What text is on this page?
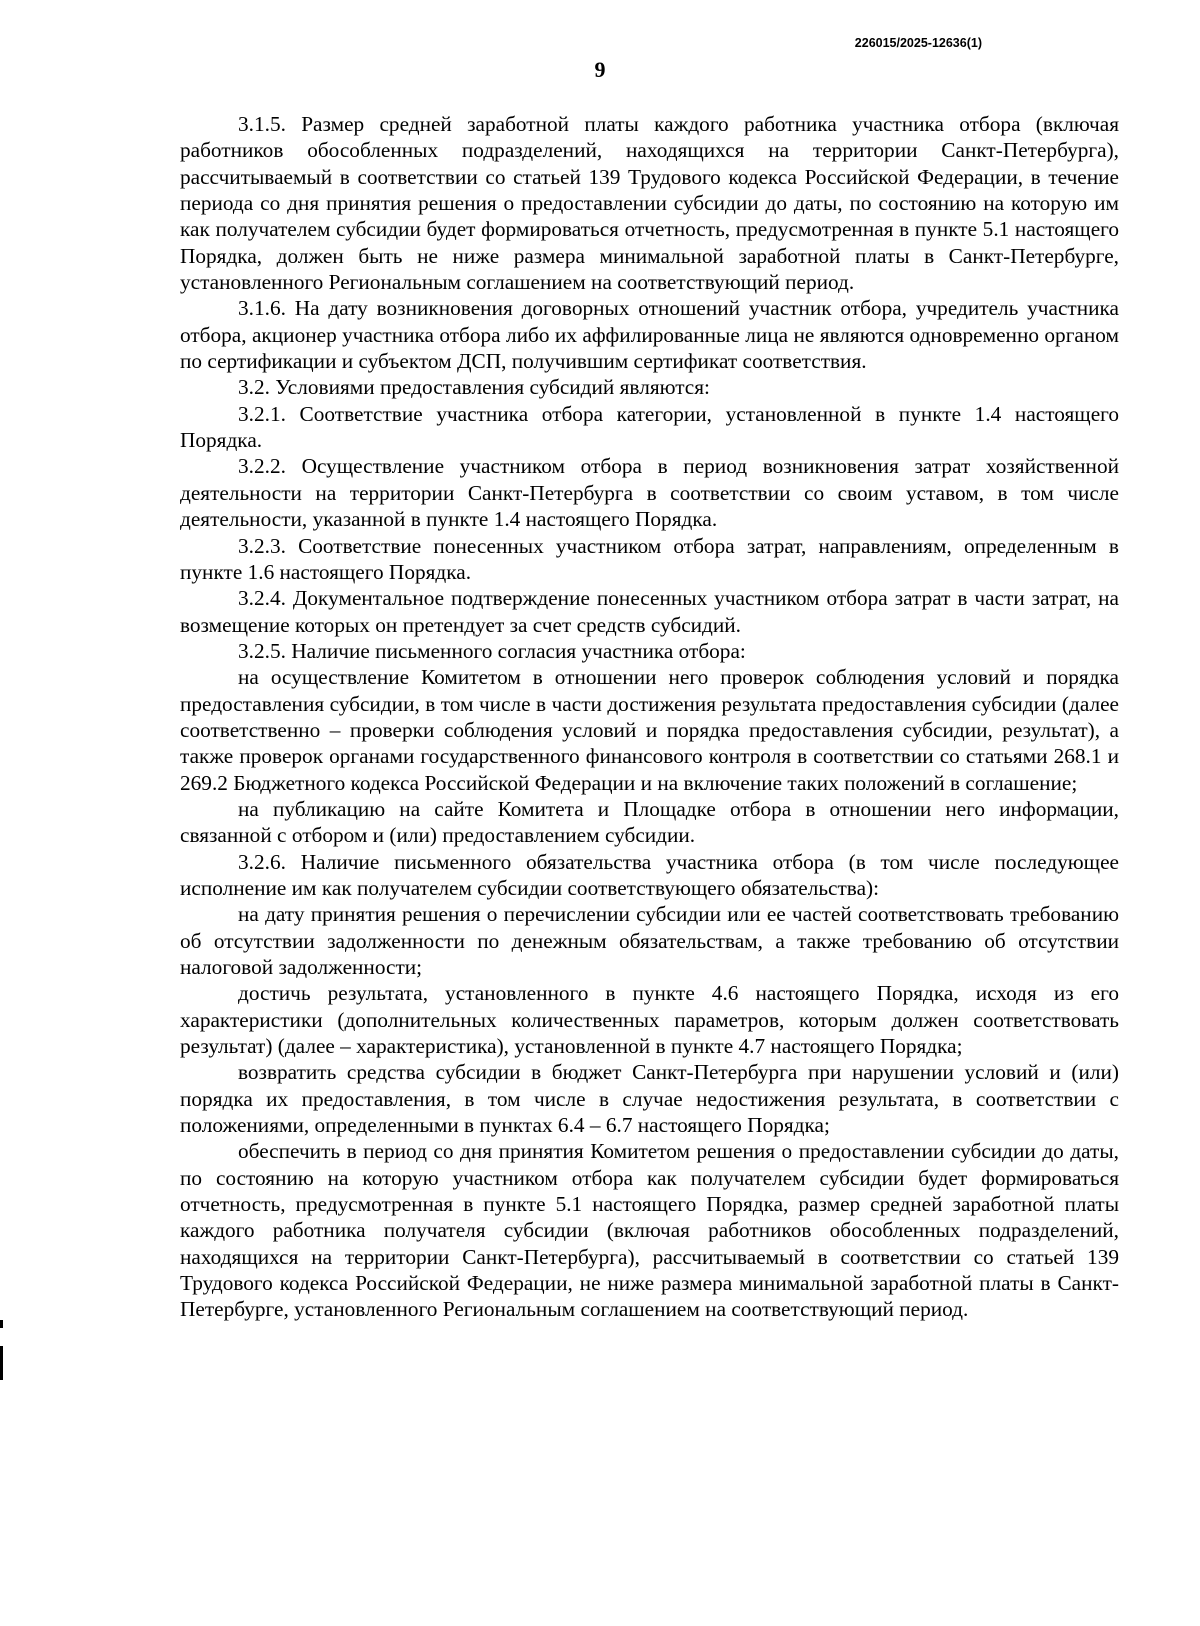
226015/2025-12636(1)
9

3.1.5. Размер средней заработной платы каждого работника участника отбора (включая работников обособленных подразделений, находящихся на территории Санкт-Петербурга), рассчитываемый в соответствии со статьей 139 Трудового кодекса Российской Федерации, в течение периода со дня принятия решения о предоставлении субсидии до даты, по состоянию на которую им как получателем субсидии будет формироваться отчетность, предусмотренная в пункте 5.1 настоящего Порядка, должен быть не ниже размера минимальной заработной платы в Санкт-Петербурге, установленного Региональным соглашением на соответствующий период.

3.1.6. На дату возникновения договорных отношений участник отбора, учредитель участника отбора, акционер участника отбора либо их аффилированные лица не являются одновременно органом по сертификации и субъектом ДСП, получившим сертификат соответствия.

3.2. Условиями предоставления субсидий являются:

3.2.1. Соответствие участника отбора категории, установленной в пункте 1.4 настоящего Порядка.

3.2.2. Осуществление участником отбора в период возникновения затрат хозяйственной деятельности на территории Санкт-Петербурга в соответствии со своим уставом, в том числе деятельности, указанной в пункте 1.4 настоящего Порядка.

3.2.3. Соответствие понесенных участником отбора затрат, направлениям, определенным в пункте 1.6 настоящего Порядка.

3.2.4. Документальное подтверждение понесенных участником отбора затрат в части затрат, на возмещение которых он претендует за счет средств субсидий.

3.2.5. Наличие письменного согласия участника отбора:

на осуществление Комитетом в отношении него проверок соблюдения условий и порядка предоставления субсидии, в том числе в части достижения результата предоставления субсидии (далее соответственно – проверки соблюдения условий и порядка предоставления субсидии, результат), а также проверок органами государственного финансового контроля в соответствии со статьями 268.1 и 269.2 Бюджетного кодекса Российской Федерации и на включение таких положений в соглашение;

на публикацию на сайте Комитета и Площадке отбора в отношении него информации, связанной с отбором и (или) предоставлением субсидии.

3.2.6. Наличие письменного обязательства участника отбора (в том числе последующее исполнение им как получателем субсидии соответствующего обязательства):

на дату принятия решения о перечислении субсидии или ее частей соответствовать требованию об отсутствии задолженности по денежным обязательствам, а также требованию об отсутствии налоговой задолженности;

достичь результата, установленного в пункте 4.6 настоящего Порядка, исходя из его характеристики (дополнительных количественных параметров, которым должен соответствовать результат) (далее – характеристика), установленной в пункте 4.7 настоящего Порядка;

возвратить средства субсидии в бюджет Санкт-Петербурга при нарушении условий и (или) порядка их предоставления, в том числе в случае недостижения результата, в соответствии с положениями, определенными в пунктах 6.4 – 6.7 настоящего Порядка;

обеспечить в период со дня принятия Комитетом решения о предоставлении субсидии до даты, по состоянию на которую участником отбора как получателем субсидии будет формироваться отчетность, предусмотренная в пункте 5.1 настоящего Порядка, размер средней заработной платы каждого работника получателя субсидии (включая работников обособленных подразделений, находящихся на территории Санкт-Петербурга), рассчитываемый в соответствии со статьей 139 Трудового кодекса Российской Федерации, не ниже размера минимальной заработной платы в Санкт-Петербурге, установленного Региональным соглашением на соответствующий период.
